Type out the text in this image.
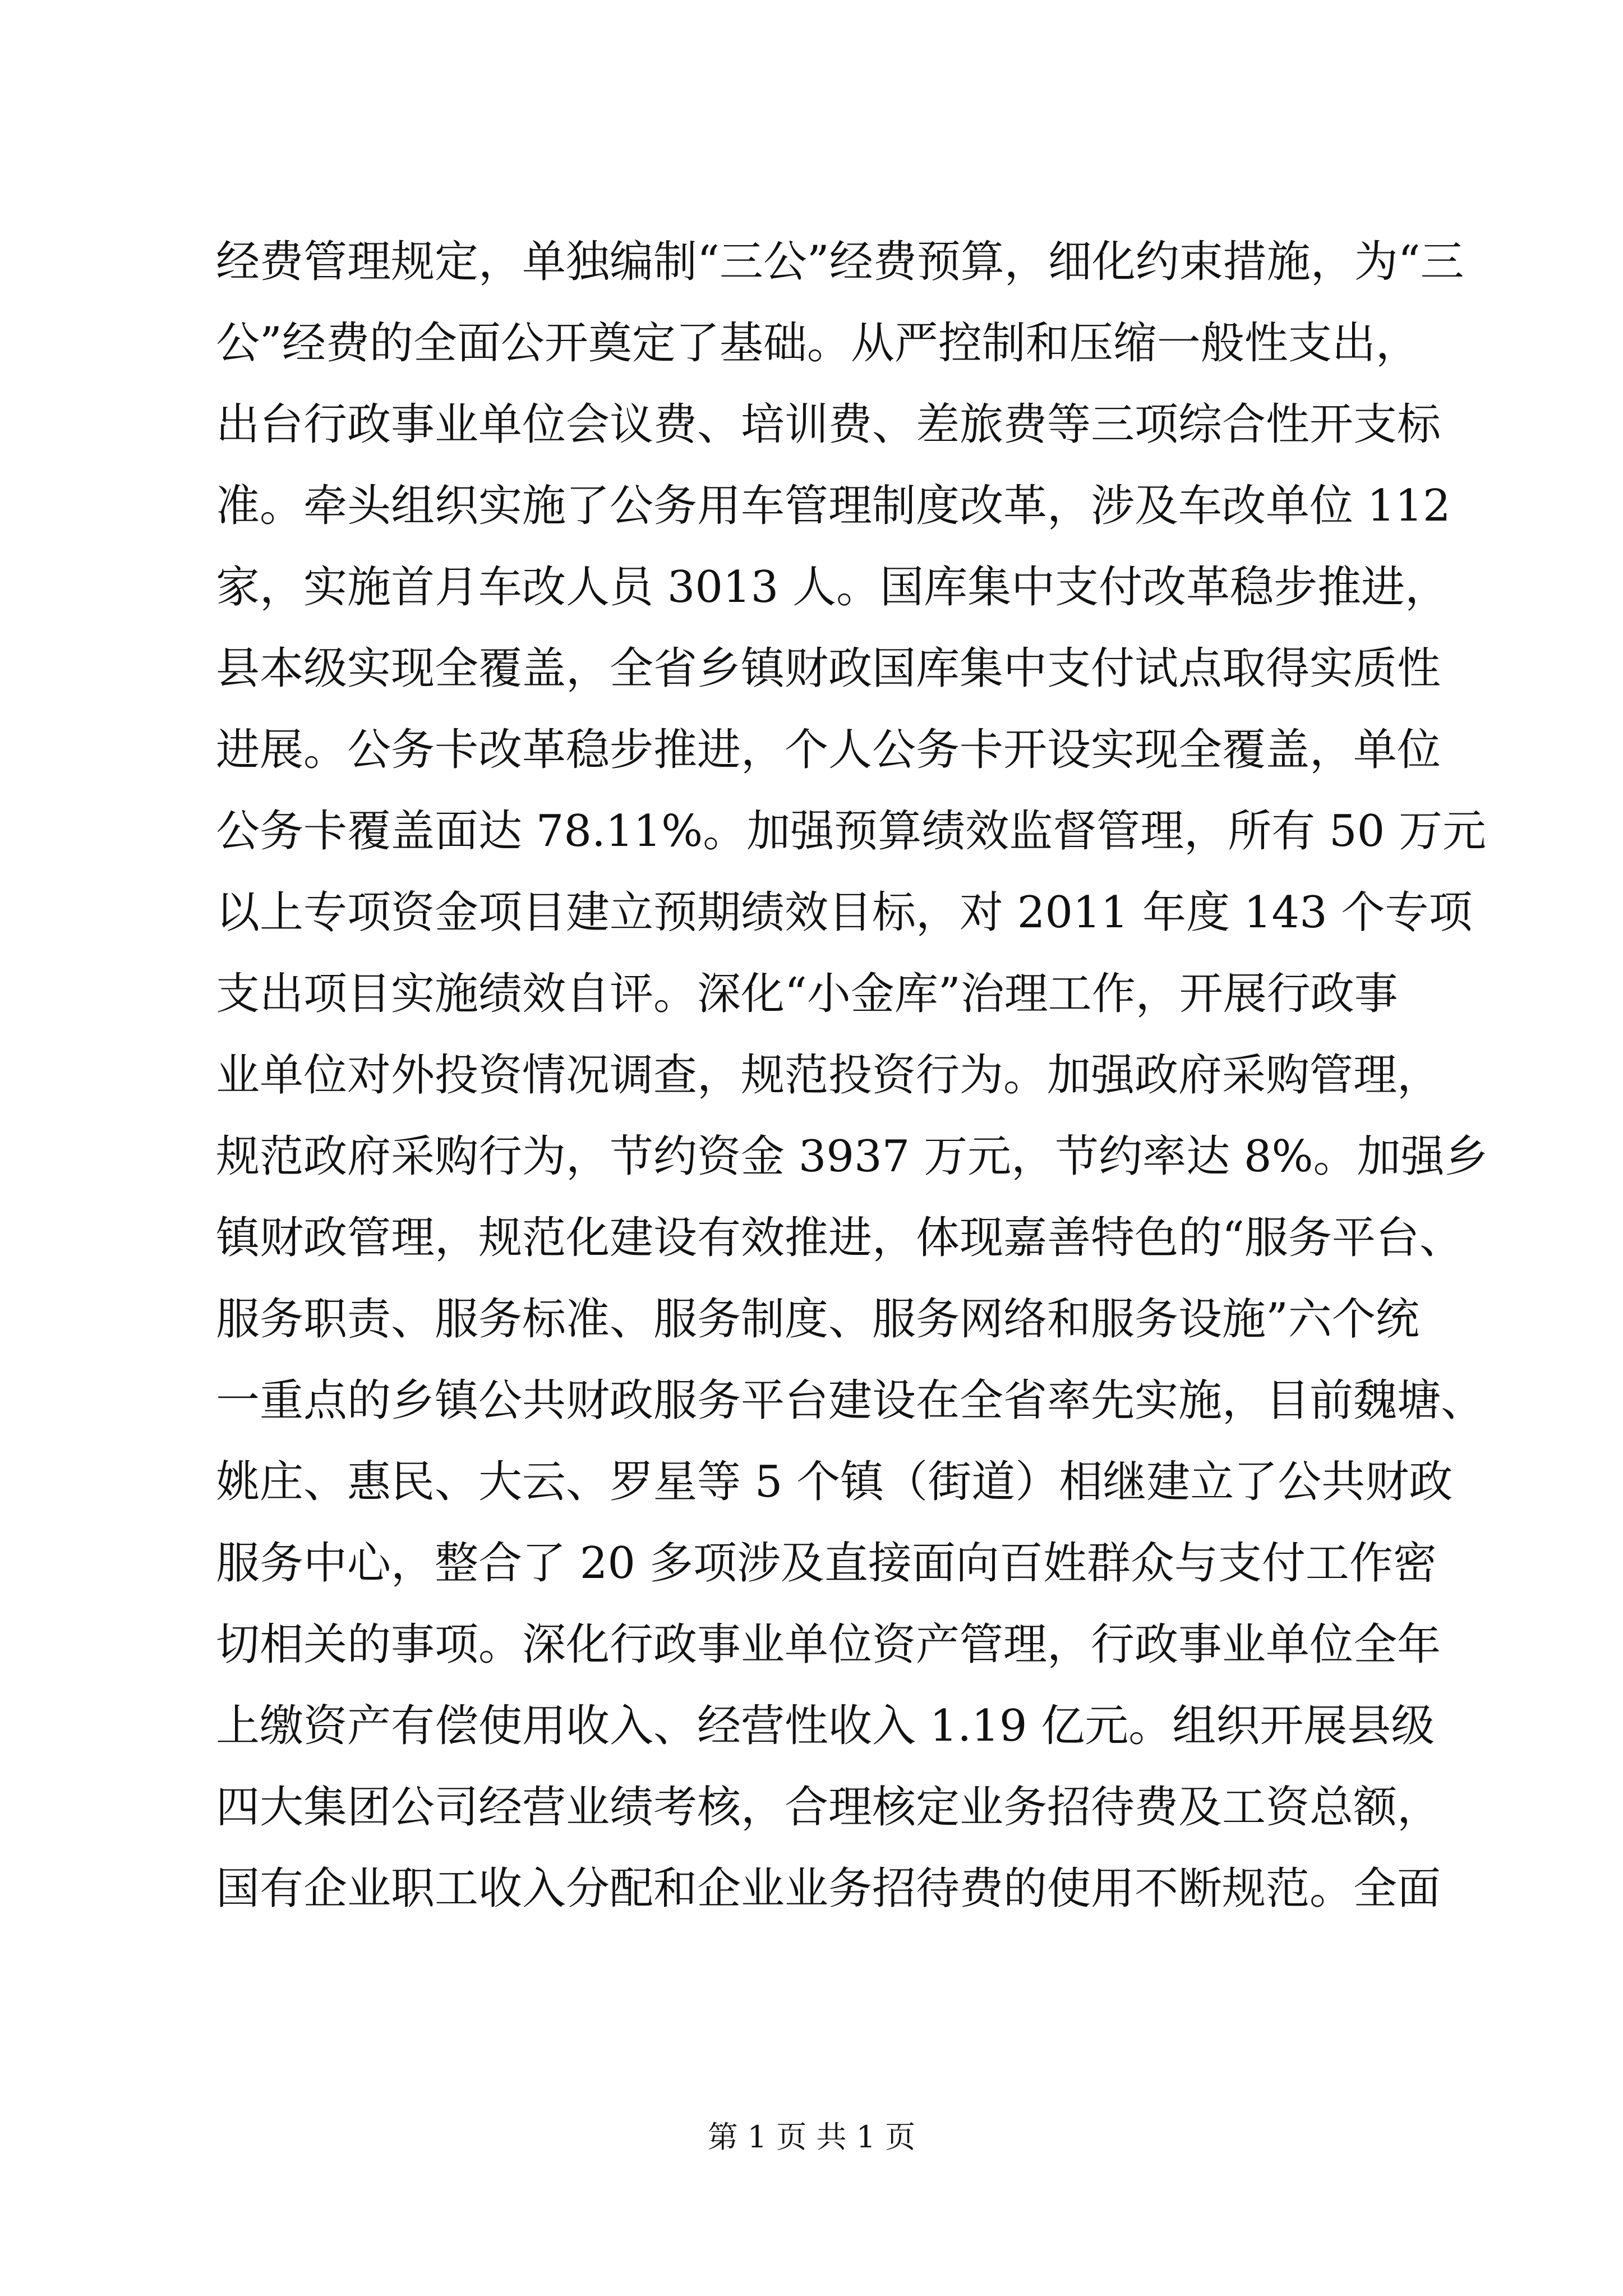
经费管理规定，单独编制“三公”经费预算，细化约束措施，为“三
公”经费的全面公开奠定了基础。从严控制和压缩一般性支出，
出台行政事业单位会议费、培训费、差旅费等三项综合性开支标
准。牵头组织实施了公务用车管理制度改革，涉及车改单位 112
家，实施首月车改人员 3013 人。国库集中支付改革稳步推进，
县本级实现全覆盖，全省乡镇财政国库集中支付试点取得实质性
进展。公务卡改革稳步推进，个人公务卡开设实现全覆盖，单位
公务卡覆盖面达 78.11%。加强预算绩效监督管理，所有 50 万元
以上专项资金项目建立预期绩效目标，对 2011 年度 143 个专项
支出项目实施绩效自评。深化“小金库”治理工作，开展行政事
业单位对外投资情况调查，规范投资行为。加强政府采购管理，
规范政府采购行为，节约资金 3937 万元，节约率达 8%。加强乡
镇财政管理，规范化建设有效推进，体现嘉善特色的“服务平台、
服务职责、服务标准、服务制度、服务网络和服务设施”六个统
一重点的乡镇公共财政服务平台建设在全省率先实施，目前魏塘、
姚庄、惠民、大云、罗星等 5 个镇（街道）相继建立了公共财政
服务中心，整合了 20 多项涉及直接面向百姓群众与支付工作密
切相关的事项。深化行政事业单位资产管理，行政事业单位全年
上缴资产有偿使用收入、经营性收入 1.19 亿元。组织开展县级
四大集团公司经营业绩考核，合理核定业务招待费及工资总额，
国有企业职工收入分配和企业业务招待费的使用不断规范。全面
第 1 页 共 1 页
